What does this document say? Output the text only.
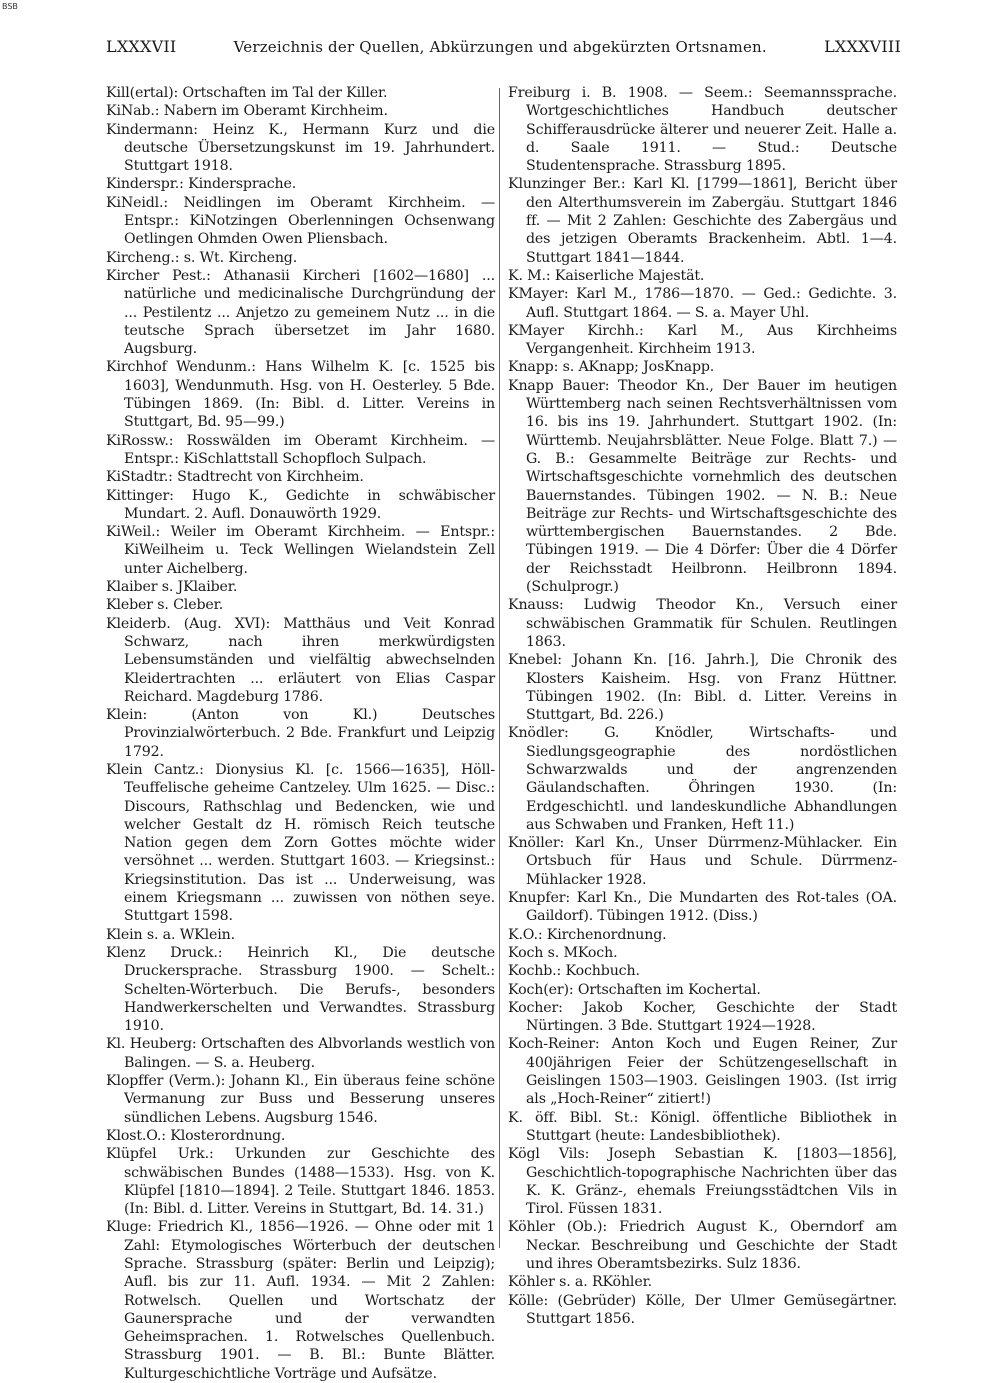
BSB
LXXXVII	Verzeichnis der Quellen, Abkürzungen und abgekürzten Ortsnamen.	LXXXVIII

Kill(ertal): Ortschaften im Tal der Killer.

KiNab.: Nabern im Oberamt Kirchheim.

Kindermann: Heinz K., Hermann Kurz und die deutsche Übersetzungskunst im 19. Jahrhundert. Stuttgart 1918.

Kinderspr.: Kindersprache.

KiNeidl.: Neidlingen im Oberamt Kirchheim. — Entspr.: KiNotzingen Oberlenningen Ochsenwang Oetlingen Ohmden Owen Pliensbach.

Kircheng.: s. Wt. Kircheng.

Kircher Pest.: Athanasii Kircheri [1602—1680] ... natürliche und medicinalische Durchgründung der ... Pestilentz ... Anjetzo zu gemeinem Nutz ... in die teutsche Sprach übersetzet im Jahr 1680. Augsburg.

Kirchhof Wendunm.: Hans Wilhelm K. [c. 1525 bis 1603], Wendunmuth. Hsg. von H. Oesterley. 5 Bde. Tübingen 1869. (In: Bibl. d. Litter. Vereins in Stuttgart, Bd. 95—99.)

KiRossw.: Rosswälden im Oberamt Kirchheim. — Entspr.: KiSchlattstall Schopfloch Sulpach.

KiStadtr.: Stadtrecht von Kirchheim.

Kittinger: Hugo K., Gedichte in schwäbischer Mundart. 2. Aufl. Donauwörth 1929.

KiWeil.: Weiler im Oberamt Kirchheim. — Entspr.: KiWeilheim u. Teck Wellingen Wielandstein Zell unter Aichelberg.

Klaiber s. JKlaiber.

Kleber s. Cleber.

Kleiderb. (Aug. XVI): Matthäus und Veit Konrad Schwarz, nach ihren merkwürdigsten Lebensumständen und vielfältig abwechselnden Kleidertrachten ... erläutert von Elias Caspar Reichard. Magdeburg 1786.

Klein: (Anton von Kl.) Deutsches Provinzialwörterbuch. 2 Bde. Frankfurt und Leipzig 1792.

Klein Cantz.: Dionysius Kl. [c. 1566—1635], Höll-Teuffelische geheime Cantzeley. Ulm 1625. — Disc.: Discours, Rathschlag und Bedencken, wie und welcher Gestalt dz H. römisch Reich teutsche Nation gegen dem Zorn Gottes möchte wider versöhnet ... werden. Stuttgart 1603. — Kriegsinst.: Kriegsinstitution. Das ist ... Underweisung, was einem Kriegsmann ... zuwissen von nöthen seye. Stuttgart 1598.

Klein s. a. WKlein.

Klenz Druck.: Heinrich Kl., Die deutsche Druckersprache. Strassburg 1900. — Schelt.: Schelten-Wörterbuch. Die Berufs-, besonders Handwerkerschelten und Verwandtes. Strassburg 1910.

Kl. Heuberg: Ortschaften des Albvorlands westlich von Balingen. — S. a. Heuberg.

Klopffer (Verm.): Johann Kl., Ein überaus feine schöne Vermanung zur Buss und Besserung unseres sündlichen Lebens. Augsburg 1546.

Klost.O.: Klosterordnung.

Klüpfel Urk.: Urkunden zur Geschichte des schwäbischen Bundes (1488—1533). Hsg. von K. Klüpfel [1810—1894]. 2 Teile. Stuttgart 1846. 1853. (In: Bibl. d. Litter. Vereins in Stuttgart, Bd. 14. 31.)

Kluge: Friedrich Kl., 1856—1926. — Ohne oder mit 1 Zahl: Etymologisches Wörterbuch der deutschen Sprache. Strassburg (später: Berlin und Leipzig); Aufl. bis zur 11. Aufl. 1934. — Mit 2 Zahlen: Rotwelsch. Quellen und Wortschatz der Gaunersprache und der verwandten Geheimsprachen. 1. Rotwelsches Quellenbuch. Strassburg 1901. — B. Bl.: Bunte Blätter. Kulturgeschichtliche Vorträge und Aufsätze.

Freiburg i. B. 1908. — Seem.: Seemannssprache. Wortgeschichtliches Handbuch deutscher Schifferausdrücke älterer und neuerer Zeit. Halle a. d. Saale 1911. — Stud.: Deutsche Studentensprache. Strassburg 1895.

Klunzinger Ber.: Karl Kl. [1799—1861], Bericht über den Alterthumsverein im Zabergäu. Stuttgart 1846 ff. — Mit 2 Zahlen: Geschichte des Zabergäus und des jetzigen Oberamts Brackenheim. Abtl. 1—4. Stuttgart 1841—1844.

K. M.: Kaiserliche Majestät.

KMayer: Karl M., 1786—1870. — Ged.: Gedichte. 3. Aufl. Stuttgart 1864. — S. a. Mayer Uhl.

KMayer Kirchh.: Karl M., Aus Kirchheims Vergangenheit. Kirchheim 1913.

Knapp: s. AKnapp; JosKnapp.

Knapp Bauer: Theodor Kn., Der Bauer im heutigen Württemberg nach seinen Rechtsverhältnissen vom 16. bis ins 19. Jahrhundert. Stuttgart 1902. (In: Württemb. Neujahrsblätter. Neue Folge. Blatt 7.) — G. B.: Gesammelte Beiträge zur Rechts- und Wirtschaftsgeschichte vornehmlich des deutschen Bauernstandes. Tübingen 1902. — N. B.: Neue Beiträge zur Rechts- und Wirtschaftsgeschichte des württembergischen Bauernstandes. 2 Bde. Tübingen 1919. — Die 4 Dörfer: Über die 4 Dörfer der Reichsstadt Heilbronn. Heilbronn 1894. (Schulprogr.)

Knauss: Ludwig Theodor Kn., Versuch einer schwäbischen Grammatik für Schulen. Reutlingen 1863.

Knebel: Johann Kn. [16. Jahrh.], Die Chronik des Klosters Kaisheim. Hsg. von Franz Hüttner. Tübingen 1902. (In: Bibl. d. Litter. Vereins in Stuttgart, Bd. 226.)

Knödler: G. Knödler, Wirtschafts- und Siedlungsgeographie des nordöstlichen Schwarzwalds und der angrenzenden Gäulandschaften. Öhringen 1930. (In: Erdgeschichtl. und landeskundliche Abhandlungen aus Schwaben und Franken, Heft 11.)

Knöller: Karl Kn., Unser Dürrmenz-Mühlacker. Ein Ortsbuch für Haus und Schule. Dürrmenz-Mühlacker 1928.

Knupfer: Karl Kn., Die Mundarten des Rot-tales (OA. Gaildorf). Tübingen 1912. (Diss.)

K.O.: Kirchenordnung.

Koch s. MKoch.

Kochb.: Kochbuch.

Koch(er): Ortschaften im Kochertal.

Kocher: Jakob Kocher, Geschichte der Stadt Nürtingen. 3 Bde. Stuttgart 1924—1928.

Koch-Reiner: Anton Koch und Eugen Reiner, Zur 400jährigen Feier der Schützengesellschaft in Geislingen 1503—1903. Geislingen 1903. (Ist irrig als „Hoch-Reiner“ zitiert!)

K. öff. Bibl. St.: Königl. öffentliche Bibliothek in Stuttgart (heute: Landesbibliothek).

Kögl Vils: Joseph Sebastian K. [1803—1856], Geschichtlich-topographische Nachrichten über das K. K. Gränz-, ehemals Freiungsstädtchen Vils in Tirol. Füssen 1831.

Köhler (Ob.): Friedrich August K., Oberndorf am Neckar. Beschreibung und Geschichte der Stadt und ihres Oberamtsbezirks. Sulz 1836.

Köhler s. a. RKöhler.

Kölle: (Gebrüder) Kölle, Der Ulmer Gemüsegärtner. Stuttgart 1856.
